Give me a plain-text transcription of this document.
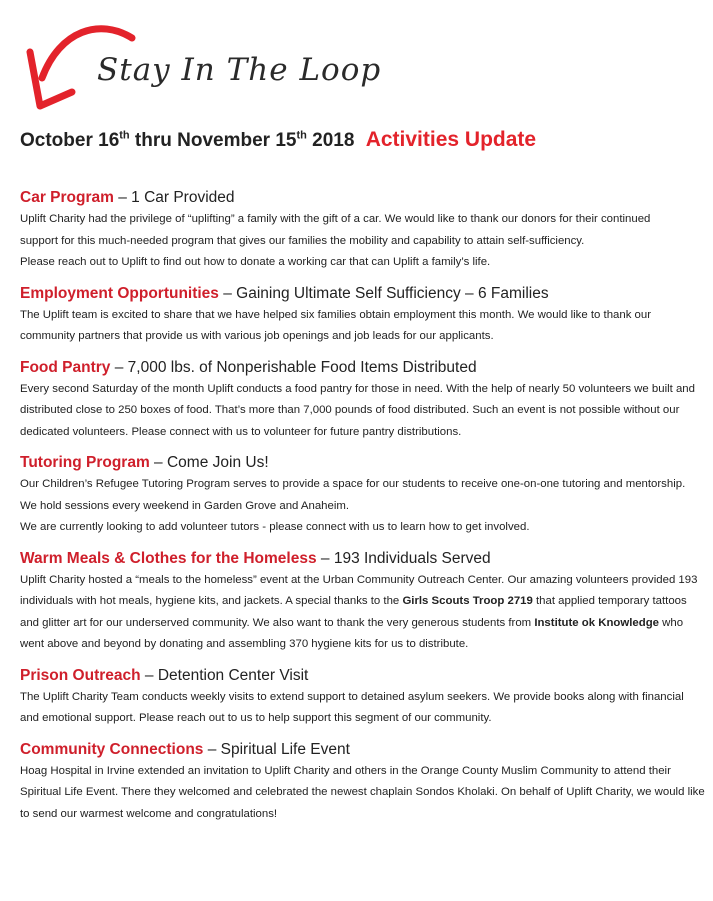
Stay In The Loop
October 16th thru November 15th 2018 Activities Update
Car Program – 1 Car Provided
Uplift Charity had the privilege of “uplifting” a family with the gift of a car. We would like to thank our donors for their continued
support for this much-needed program that gives our families the mobility and capability to attain self-sufficiency.
Please reach out to Uplift to find out how to donate a working car that can Uplift a family’s life.
Employment Opportunities – Gaining Ultimate Self Sufficiency – 6 Families
The Uplift team is excited to share that we have helped six families obtain employment this month. We would like to thank our
community partners that provide us with various job openings and job leads for our applicants.
Food Pantry – 7,000 lbs. of Nonperishable Food Items Distributed
Every second Saturday of the month Uplift conducts a food pantry for those in need. With the help of nearly 50 volunteers we built and
distributed close to 250 boxes of food. That’s more than 7,000 pounds of food distributed. Such an event is not possible without our
dedicated volunteers. Please connect with us to volunteer for future pantry distributions.
Tutoring Program – Come Join Us!
Our Children’s Refugee Tutoring Program serves to provide a space for our students to receive one-on-one tutoring and mentorship.
We hold sessions every weekend in Garden Grove and Anaheim.
We are currently looking to add volunteer tutors - please connect with us to learn how to get involved.
Warm Meals & Clothes for the Homeless – 193 Individuals Served
Uplift Charity hosted a “meals to the homeless” event at the Urban Community Outreach Center. Our amazing volunteers provided 193
individuals with hot meals, hygiene kits, and jackets. A special thanks to the Girls Scouts Troop 2719 that applied temporary tattoos
and glitter art for our underserved community. We also want to thank the very generous students from Institute ok Knowledge who
went above and beyond by donating and assembling 370 hygiene kits for us to distribute.
Prison Outreach – Detention Center Visit
The Uplift Charity Team conducts weekly visits to extend support to detained asylum seekers. We provide books along with financial
and emotional support. Please reach out to us to help support this segment of our community.
Community Connections – Spiritual Life Event
Hoag Hospital in Irvine extended an invitation to Uplift Charity and others in the Orange County Muslim Community to attend their
Spiritual Life Event. There they welcomed and celebrated the newest chaplain Sondos Kholaki. On behalf of Uplift Charity, we would like
to send our warmest welcome and congratulations!
